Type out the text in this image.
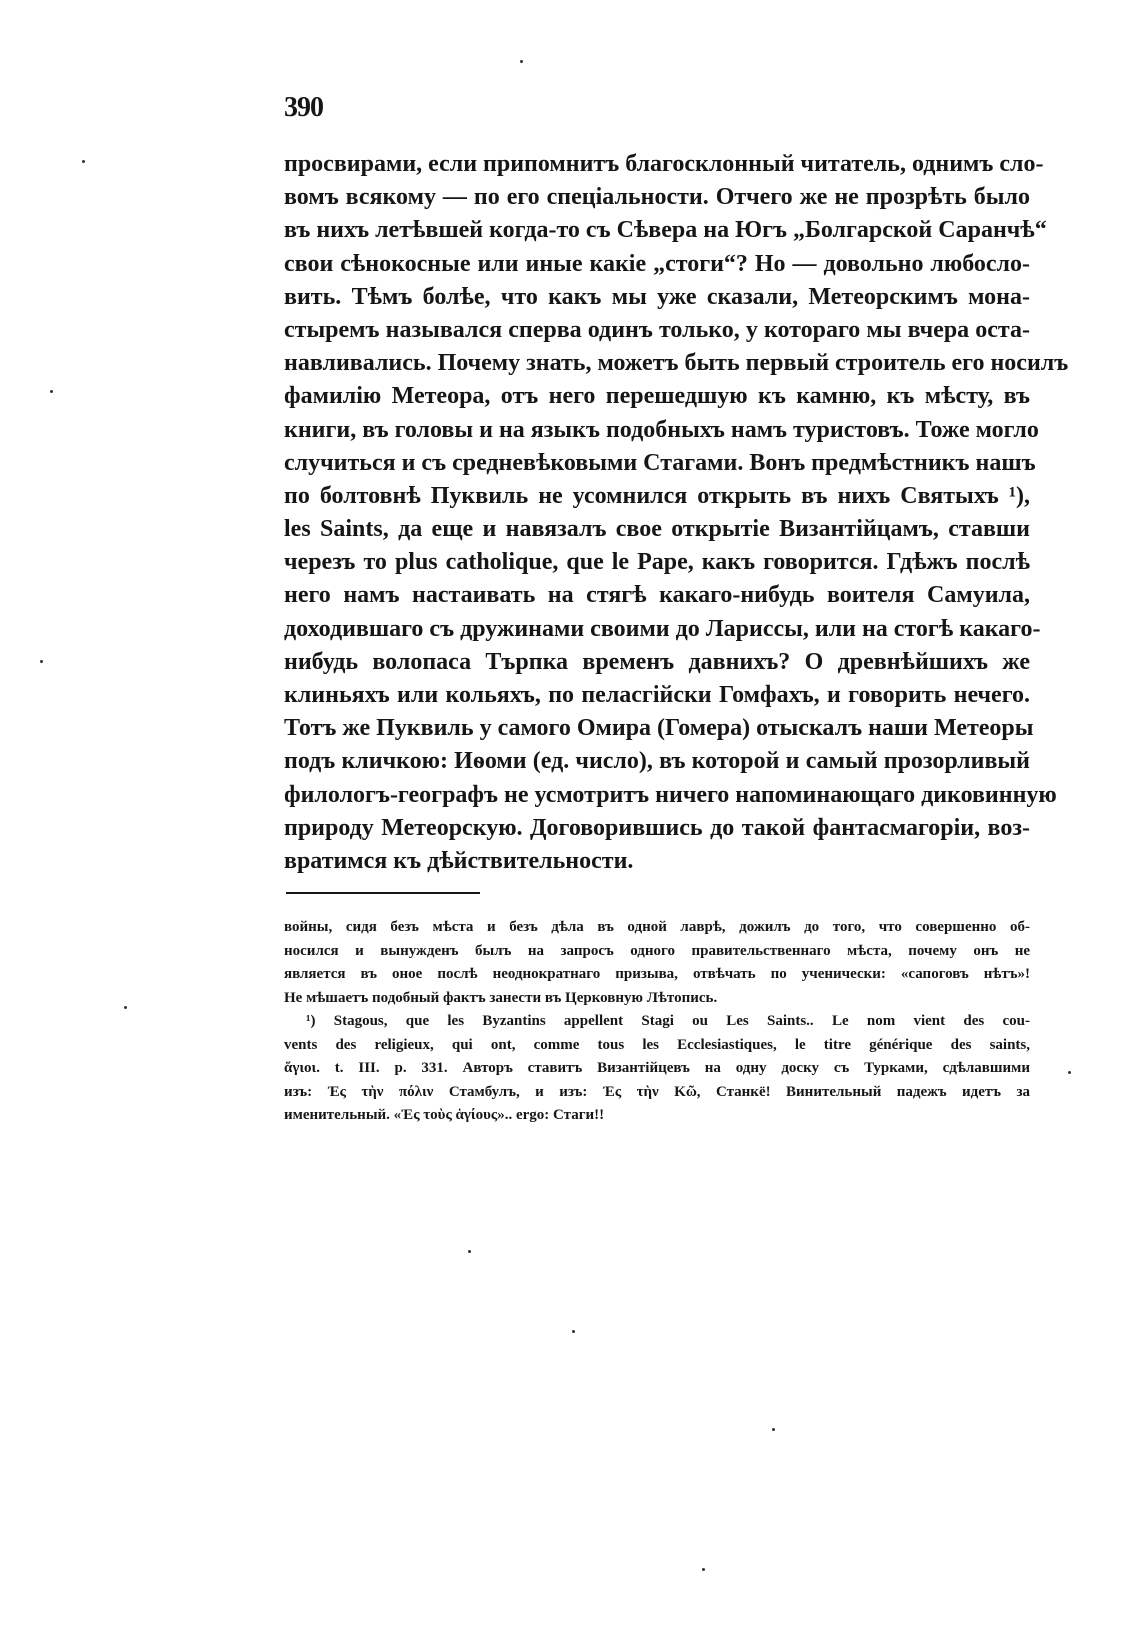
390
просвирами, если припомнитъ благосклонный читатель, однимъ сло-
вомъ всякому — по его спеціальности. Отчего же не прозрѣть было
въ нихъ летѣвшей когда-то съ Сѣвера на Югъ „Болгарской Саранчѣ“
свои сѣнокосные или иные какіе „стоги“? Но — довольно любосло-
вить. Тѣмъ болѣе, что какъ мы уже сказали, Метеорскимъ мона-
стыремъ назывался сперва одинъ только, у котораго мы вчера оста-
навливались. Почему знать, можетъ быть первый строитель его носилъ
фамилію Метеора, отъ него перешедшую къ камню, къ мѣсту, въ
книги, въ головы и на языкъ подобныхъ намъ туристовъ. Тоже могло
случиться и съ средневѣковыми Стагами. Вонъ предмѣстникъ нашъ
по болтовнѣ Пуквиль не усомнился открыть въ нихъ Святыхъ ¹),
les Saints, да еще и навязалъ свое открытіе Византійцамъ, ставши
черезъ то plus catholique, que le Pape, какъ говорится. Гдѣжъ послѣ
него намъ настаивать на стягѣ какаго-нибудь воителя Самуила,
доходившаго съ дружинами своими до Лариссы, или на стогѣ какаго-
нибудь волопаса Търпка временъ давнихъ? О древнѣйшихъ же
клиньяхъ или кольяхъ, по пеласгійски Гомфахъ, и говорить нечего.
Тотъ же Пуквиль у самого Омира (Гомера) отыскалъ наши Метеоры
подъ кличкою: Иѳоми (ед. число), въ которой и самый прозорливый
филологъ-географъ не усмотритъ ничего напоминающаго диковинную
природу Метеорскую. Договорившись до такой фантасмагоріи, воз-
вратимся къ дѣйствительности.
войны, сидя безъ мѣста и безъ дѣла въ одной лаврѣ, дожилъ до того, что совершенно об-
носился и вынужденъ былъ на запросъ одного правительственнаго мѣста, почему онъ не
является въ оное послѣ неоднократнаго призыва, отвѣчать по ученически: «сапоговъ нѣтъ»!
Не мѣшаетъ подобный фактъ занести въ Церковную Лѣтопись.
¹) Stagous, que les Byzantins appellent Stagi ou Les Saints.. Le nom vient des cou-
vents des religieux, qui ont, comme tous les Ecclesiastiques, le titre générique des saints,
ἅγιοι. t. III. p. 331. Авторъ ставитъ Византійцевъ на одну доску съ Турками, сдѣлавшими
изъ: Ἐς τὴν πόλιν Стамбулъ, и изъ: Ἐς τὴν Κῶ, Станкё! Винительный падежъ идетъ за
именительный. «Ἐς τοὺς ἁγίους».. ergo: Стаги!!
